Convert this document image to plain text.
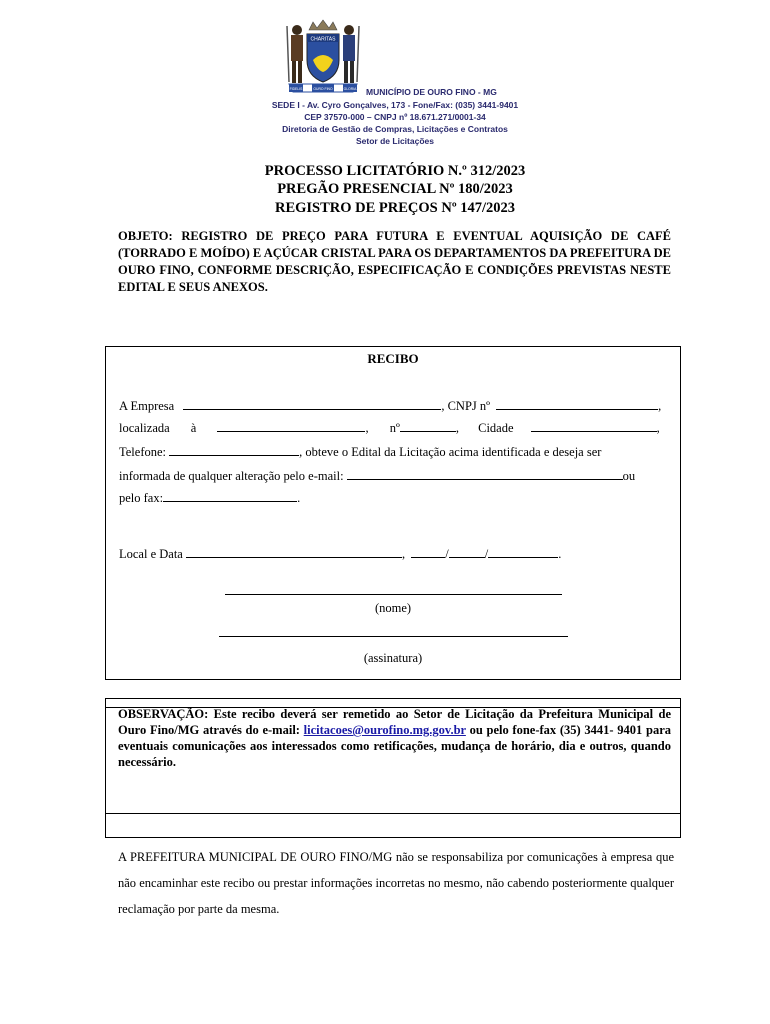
CHARITAS
FIDELIS	OURO FINO	GLORIA MUNICÍPIO DE OURO FINO - MG
SEDE I - Av. Cyro Gonçalves, 173 - Fone/Fax: (035) 3441-9401
CEP 37570-000 – CNPJ nº 18.671.271/0001-34
Diretoria de Gestão de Compras, Licitações e Contratos
Setor de Licitações
PROCESSO LICITATÓRIO N.º 312/2023
PREGÃO PRESENCIAL Nº 180/2023
REGISTRO DE PREÇOS Nº 147/2023
OBJETO: REGISTRO DE PREÇO PARA FUTURA E EVENTUAL AQUISIÇÃO DE CAFÉ (TORRADO E MOÍDO) E AÇÚCAR CRISTAL PARA OS DEPARTAMENTOS DA PREFEITURA DE OURO FINO, CONFORME DESCRIÇÃO, ESPECIFICAÇÃO E CONDIÇÕES PREVISTAS NESTE EDITAL E SEUS ANEXOS.
RECIBO
A Empresa	, CNPJ nº	,
localizada à	, nº	, Cidade	,
Telefone:	, obteve o Edital da Licitação acima identificada e deseja ser
informada de qualquer alteração pelo e-mail:	ou
pelo fax:	.
Local e Data	,	/	/	.
(nome)
(assinatura)
OBSERVAÇÃO: Este recibo deverá ser remetido ao Setor de Licitação da Prefeitura Municipal de Ouro Fino/MG através do e-mail: licitacoes@ourofino.mg.gov.br ou pelo fone-fax (35) 3441- 9401 para eventuais comunicações aos interessados como retificações, mudança de horário, dia e outros, quando necessário.
A PREFEITURA MUNICIPAL DE OURO FINO/MG não se responsabiliza por comunicações à empresa que não encaminhar este recibo ou prestar informações incorretas no mesmo, não cabendo posteriormente qualquer reclamação por parte da mesma.
